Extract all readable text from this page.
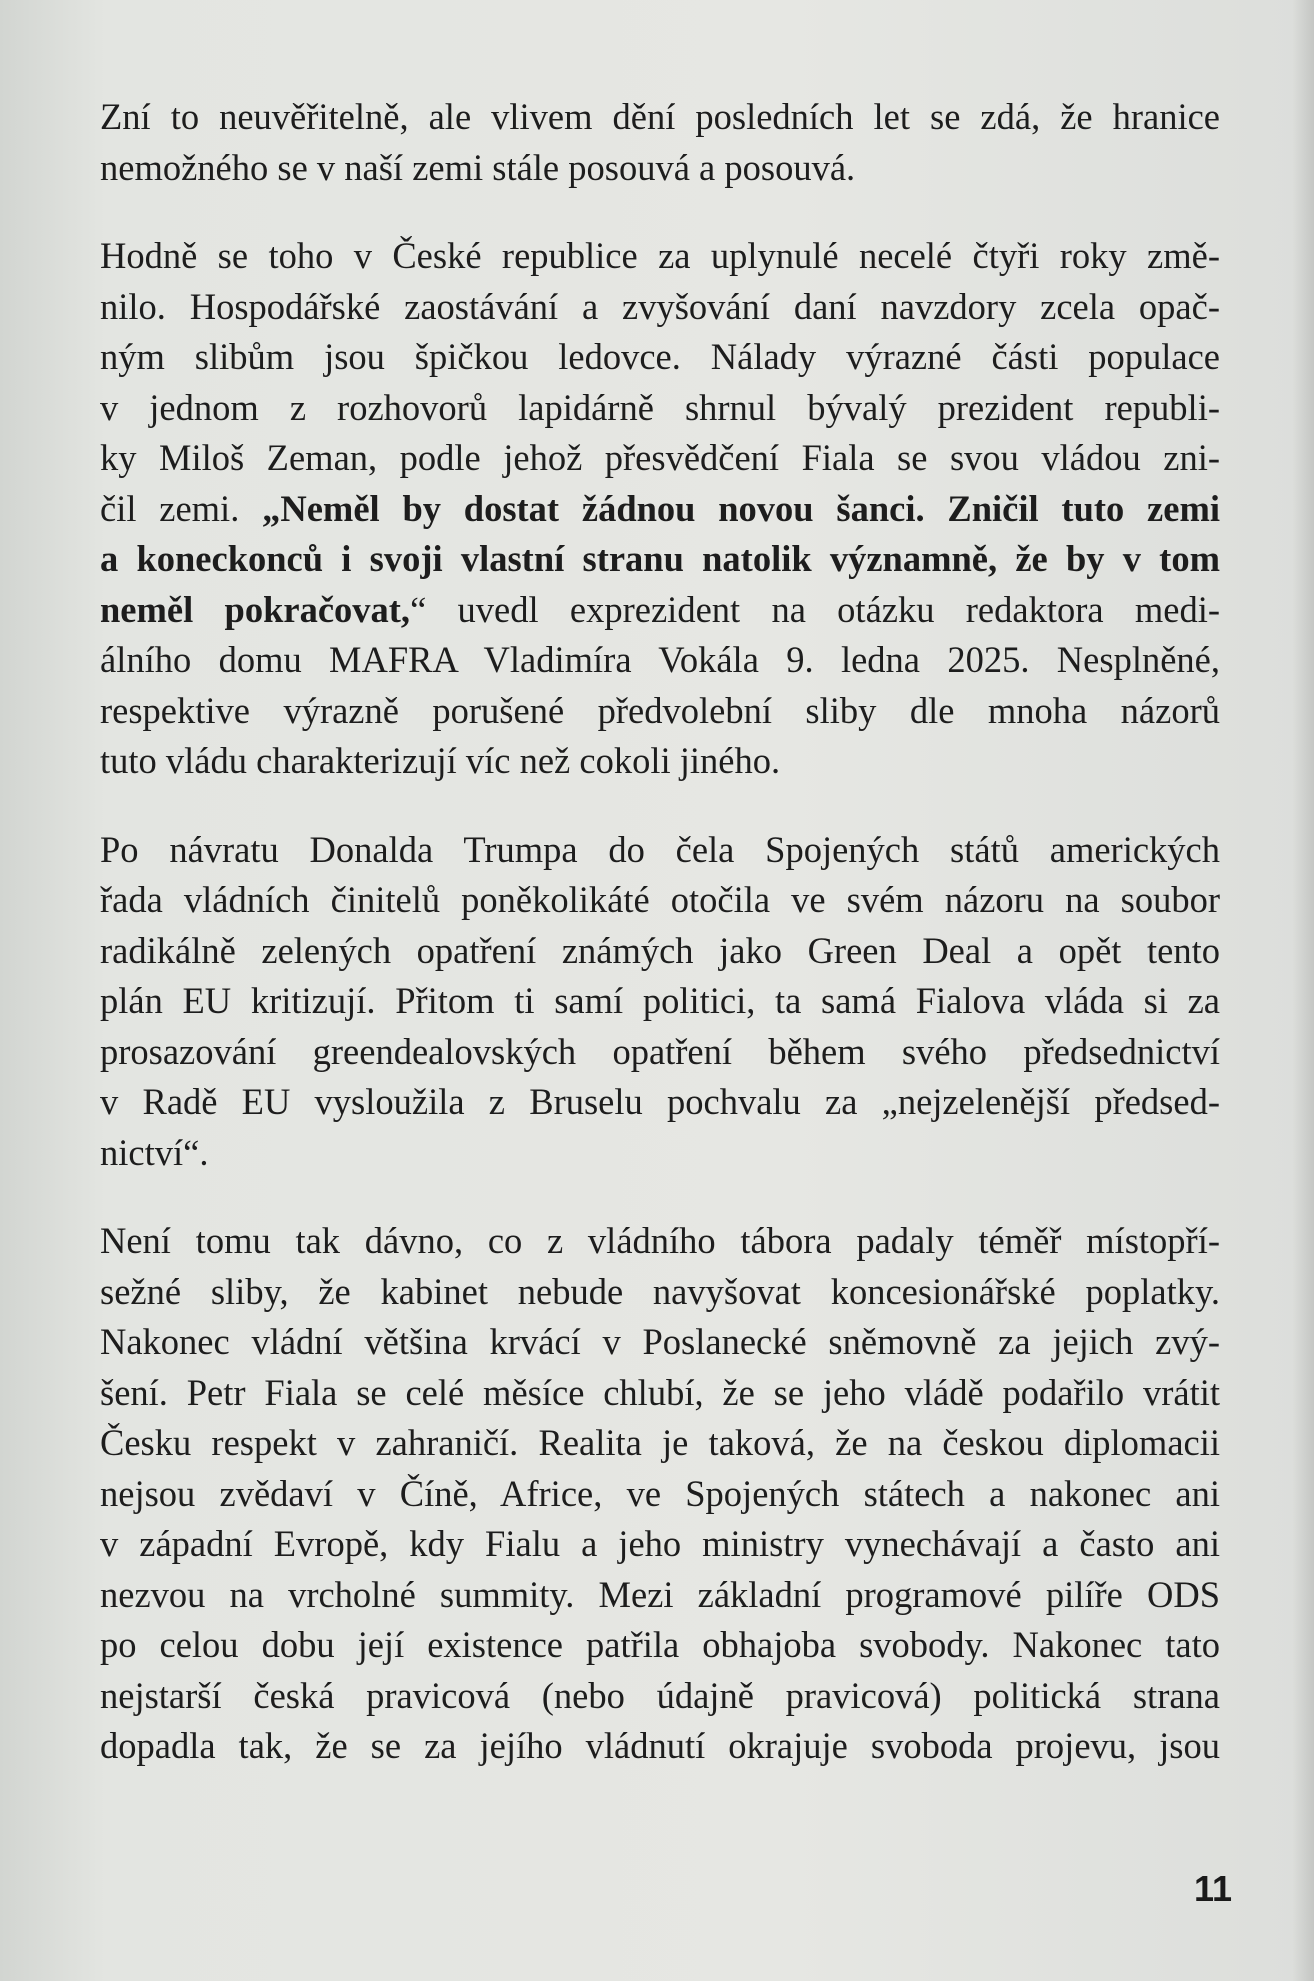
Zní to neuvěřitelně, ale vlivem dění posledních let se zdá, že hranice
nemožného se v naší zemi stále posouvá a posouvá.
Hodně se toho v České republice za uplynulé necelé čtyři roky změ-
nilo. Hospodářské zaostávání a zvyšování daní navzdory zcela opač-
ným slibům jsou špičkou ledovce. Nálady výrazné části populace
v jednom z rozhovorů lapidárně shrnul bývalý prezident republi-
ky Miloš Zeman, podle jehož přesvědčení Fiala se svou vládou zni-
čil zemi. „Neměl by dostat žádnou novou šanci. Zničil tuto zemi
a koneckonců i svoji vlastní stranu natolik významně, že by v tom
neměl pokračovat,“ uvedl exprezident na otázku redaktora medi-
álního domu MAFRA Vladimíra Vokála 9. ledna 2025. Nesplněné,
respektive výrazně porušené předvolební sliby dle mnoha názorů
tuto vládu charakterizují víc než cokoli jiného.
Po návratu Donalda Trumpa do čela Spojených států amerických
řada vládních činitelů poněkolikáté otočila ve svém názoru na soubor
radikálně zelených opatření známých jako Green Deal a opět tento
plán EU kritizují. Přitom ti samí politici, ta samá Fialova vláda si za
prosazování greendealovských opatření během svého předsednictví
v Radě EU vysloužila z Bruselu pochvalu za „nejzelenější předsed-
nictví“.
Není tomu tak dávno, co z vládního tábora padaly téměř místopří-
sežné sliby, že kabinet nebude navyšovat koncesionářské poplatky.
Nakonec vládní většina krvácí v Poslanecké sněmovně za jejich zvý-
šení. Petr Fiala se celé měsíce chlubí, že se jeho vládě podařilo vrátit
Česku respekt v zahraničí. Realita je taková, že na českou diplomacii
nejsou zvědaví v Číně, Africe, ve Spojených státech a nakonec ani
v západní Evropě, kdy Fialu a jeho ministry vynechávají a často ani
nezvou na vrcholné summity. Mezi základní programové pilíře ODS
po celou dobu její existence patřila obhajoba svobody. Nakonec tato
nejstarší česká pravicová (nebo údajně pravicová) politická strana
dopadla tak, že se za jejího vládnutí okrajuje svoboda projevu, jsou
11
